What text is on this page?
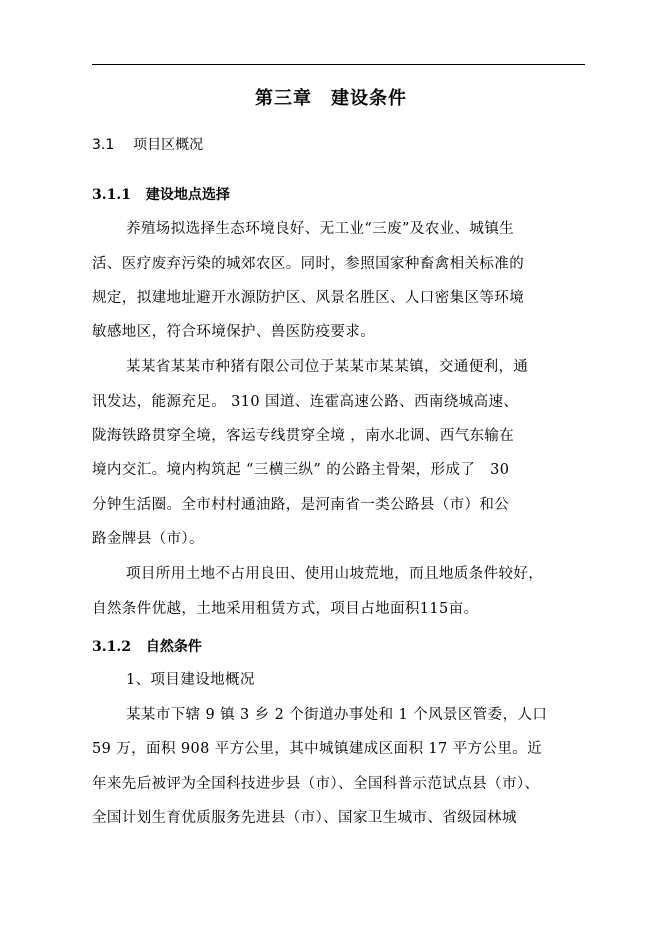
第三章　建设条件
3.1 项目区概况
3.1.1 建设地点选择
养殖场拟选择生态环境良好、无工业“三废”及农业、城镇生
活、医疗废弃污染的城郊农区。同时，参照国家种畜禽相关标准的
规定，拟建地址避开水源防护区、风景名胜区、人口密集区等环境
敏感地区，符合环境保护、兽医防疫要求。
某某省某某市种猪有限公司位于某某市某某镇，交通便利，通
讯发达，能源充足。 310 国道、连霍高速公路、西南绕城高速、
陇海铁路贯穿全境，客运专线贯穿全境 ，南水北调、西气东输在
境内交汇。境内构筑起 “三横三纵” 的公路主骨架，形成了　30
分钟生活圈。全市村村通油路，是河南省一类公路县（市）和公
路金牌县（市）。
项目所用土地不占用良田、使用山坡荒地，而且地质条件较好，
自然条件优越，土地采用租赁方式，项目占地面积115亩。
3.1.2 自然条件
1、项目建设地概况
某某市下辖 9 镇 3 乡 2 个街道办事处和 1 个风景区管委，人口
59 万，面积 908 平方公里，其中城镇建成区面积 17 平方公里。近
年来先后被评为全国科技进步县（市）、全国科普示范试点县（市）、
全国计划生育优质服务先进县（市）、国家卫生城市、省级园林城
